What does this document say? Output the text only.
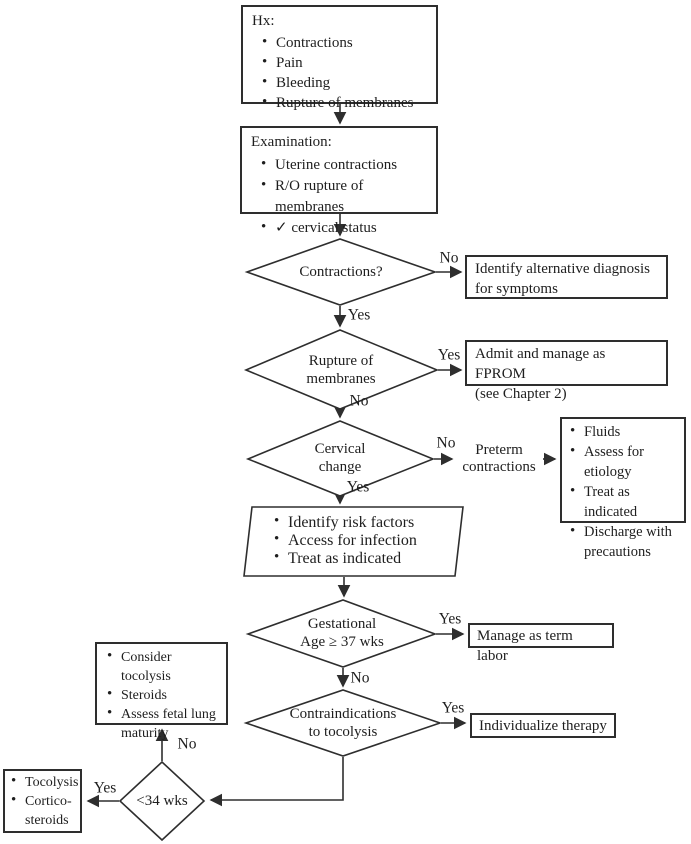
Hx:
• Contractions
• Pain
• Bleeding
• Rupture of membranes
Examination:
• Uterine contractions
• R/O rupture of membranes
• ✓ cervical status
Identify alternative diagnosis
for symptoms
Admit and manage as FPROM
(see Chapter 2)
• Fluids
• Assess for etiology
• Treat as indicated
• Discharge with precautions
• Identify risk factors
• Access for infection
• Treat as indicated
Manage as term labor
Individualize therapy
• Consider tocolysis
• Steroids
• Assess fetal lung maturity
• Tocolysis
• Cortico-steroids
Contractions?
Rupture of
membranes
Cervical
change
Gestational
Age ≥ 37 wks
Contraindications
to tocolysis
<34 wks
No
Yes
Yes
No
No	Preterm
contractions
Yes
Yes
No
Yes
No
Yes
